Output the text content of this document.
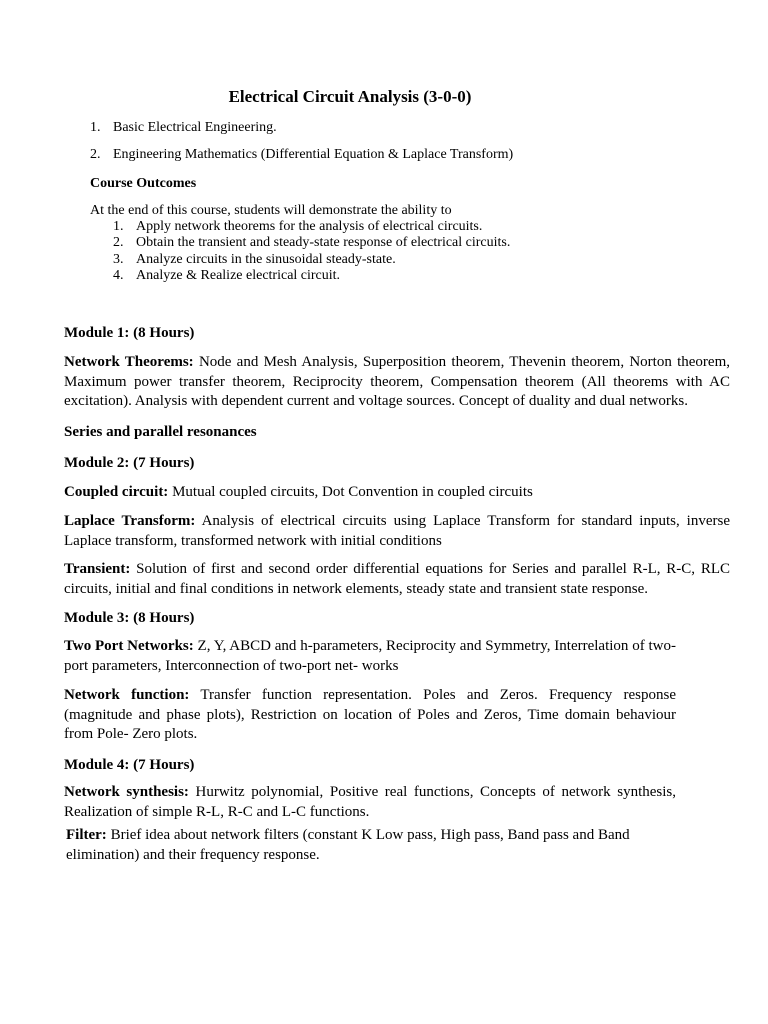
Electrical Circuit Analysis (3-0-0)
1. Basic Electrical Engineering.
2. Engineering Mathematics (Differential Equation & Laplace Transform)
Course Outcomes
At the end of this course, students will demonstrate the ability to
1. Apply network theorems for the analysis of electrical circuits.
2. Obtain the transient and steady-state response of electrical circuits.
3. Analyze circuits in the sinusoidal steady-state.
4. Analyze & Realize electrical circuit.
Module 1: (8 Hours)
Network Theorems: Node and Mesh Analysis, Superposition theorem, Thevenin theorem, Norton theorem, Maximum power transfer theorem, Reciprocity theorem, Compensation theorem (All theorems with AC excitation). Analysis with dependent current and voltage sources. Concept of duality and dual networks.
Series and parallel resonances
Module 2: (7 Hours)
Coupled circuit: Mutual coupled circuits, Dot Convention in coupled circuits
Laplace Transform: Analysis of electrical circuits using Laplace Transform for standard inputs, inverse Laplace transform, transformed network with initial conditions
Transient: Solution of first and second order differential equations for Series and parallel R-L, R-C, RLC circuits, initial and final conditions in network elements, steady state and transient state response.
Module 3: (8 Hours)
Two Port Networks: Z, Y, ABCD and h-parameters, Reciprocity and Symmetry, Interrelation of two-port parameters, Interconnection of two-port net- works
Network function: Transfer function representation. Poles and Zeros. Frequency response (magnitude and phase plots), Restriction on location of Poles and Zeros, Time domain behaviour from Pole- Zero plots.
Module 4: (7 Hours)
Network synthesis: Hurwitz polynomial, Positive real functions, Concepts of network synthesis, Realization of simple R-L, R-C and L-C functions.
Filter: Brief idea about network filters (constant K Low pass, High pass, Band pass and Band elimination) and their frequency response.
